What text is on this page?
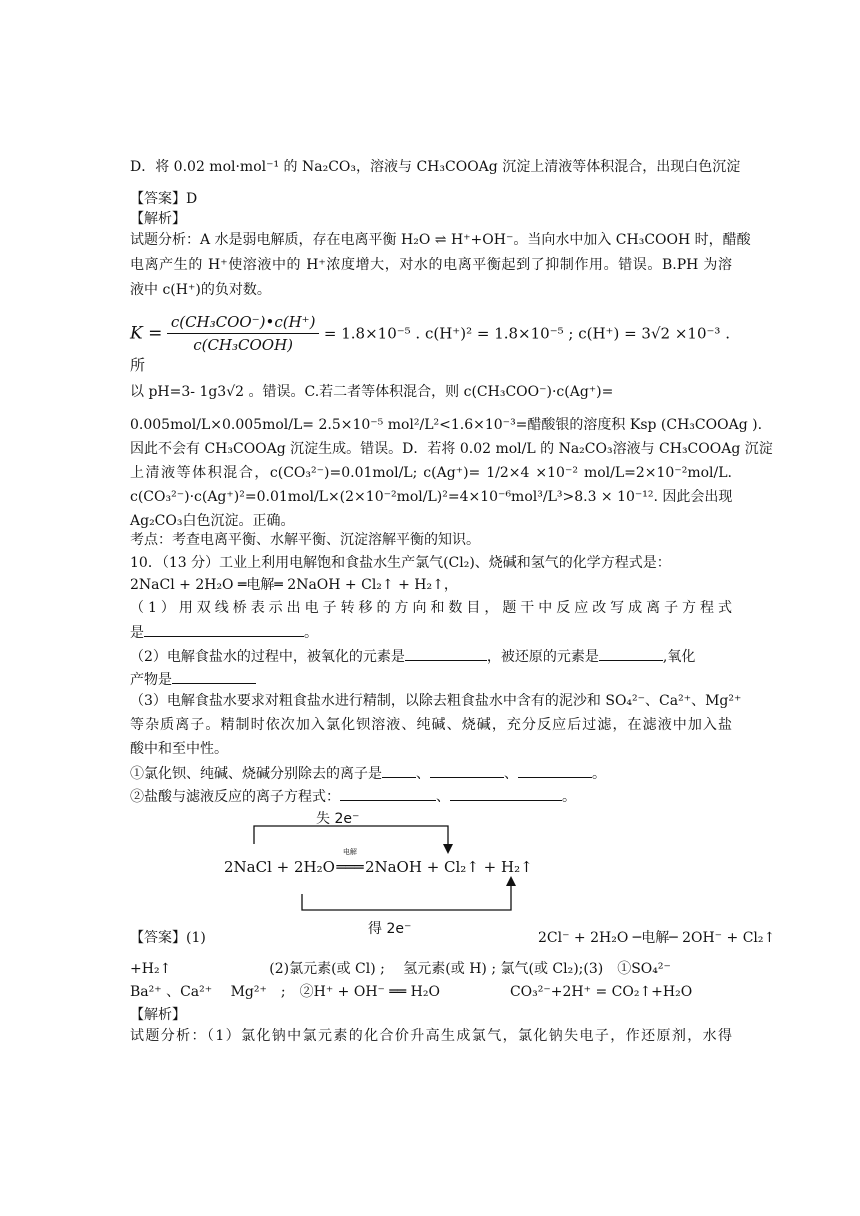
D．将 0.02 mol·mol⁻¹ 的 Na₂CO₃，溶液与 CH₃COOAg 沉淀上清液等体积混合，出现白色沉淀
【答案】D
【解析】
试题分析：A 水是弱电解质，存在电离平衡 H₂O ⇌ H⁺+OH⁻。当向水中加入 CH₃COOH 时，醋酸
电离产生的 H⁺使溶液中的 H⁺浓度增大，对水的电离平衡起到了抑制作用。错误。B.PH 为溶
液中 c(H⁺)的负对数。
$K = \frac{\text{c(CH₃COO⁻)•c(H⁺)}}{\text{c(CH₃COOH)}} = 1.8\times 10^{-5}$ . c(H⁺)² = 1.8×10⁻⁵ ; c(H⁺) = 3√2 ×10⁻³ . 所
以 pH=3- 1g3√2 。错误。C.若二者等体积混合，则 c(CH₃COO⁻)·c(Ag⁺)=
0.005mol/L×0.005mol/L= 2.5×10⁻⁵ mol²/L²<1.6×10⁻³=醋酸银的溶度积 Ksp (CH₃COOAg ).
因此不会有 CH₃COOAg 沉淀生成。错误。D．若将 0.02 mol/L 的 Na₂CO₃溶液与 CH₃COOAg 沉淀
上清液等体积混合，c(CO₃²⁻)=0.01mol/L; c(Ag⁺)= 1/2×4 ×10⁻² mol/L=2×10⁻²mol/L.
c(CO₃²⁻)·c(Ag⁺)²=0.01mol/L×(2×10⁻²mol/L)²=4×10⁻⁶mol³/L³>8.3 × 10⁻¹². 因此会出现
Ag₂CO₃白色沉淀。正确。
考点：考查电离平衡、水解平衡、沉淀溶解平衡的知识。
10．（13 分）工业上利用电解饱和食盐水生产氯气(Cl₂)、烧碱和氢气的化学方程式是：
2NaCl + 2H₂O ═电解═ 2NaOH + Cl₂↑ + H₂↑，
（1）用双线桥表示出电子转移的方向和数目，题干中反应改写成离子方程式
是	。
（2）电解食盐水的过程中，被氧化的元素是	，被还原的元素是	,氧化
产物是
（3）电解食盐水要求对粗食盐水进行精制，以除去粗食盐水中含有的泥沙和 SO₄²⁻、Ca²⁺、Mg²⁺
等杂质离子。精制时依次加入氯化钡溶液、纯碱、烧碱，充分反应后过滤，在滤液中加入盐
酸中和至中性。
①氯化钡、纯碱、烧碱分别除去的离子是 、	、	。
②盐酸与滤液反应的离子方程式：	、	。
失 2e⁻
2NaCl + 2H₂O
电解
═══2NaOH + Cl₂↑ + H₂↑
得 2e⁻
【答案】(1)	2Cl⁻ + 2H₂O ─电解─ 2OH⁻ + Cl₂↑
+H₂↑　　　　　　　(2)氯元素(或 Cl) ;　 氢元素(或 H) ; 氯气(或 Cl₂);(3)　①SO₄²⁻
Ba²⁺ 、Ca²⁺　 Mg²⁺　;　②H⁺ + OH⁻ ══ H₂O　　　　　CO₃²⁻+2H⁺ = CO₂↑+H₂O
【解析】
试题分析：（1）氯化钠中氯元素的化合价升高生成氯气，氯化钠失电子，作还原剂，水得
